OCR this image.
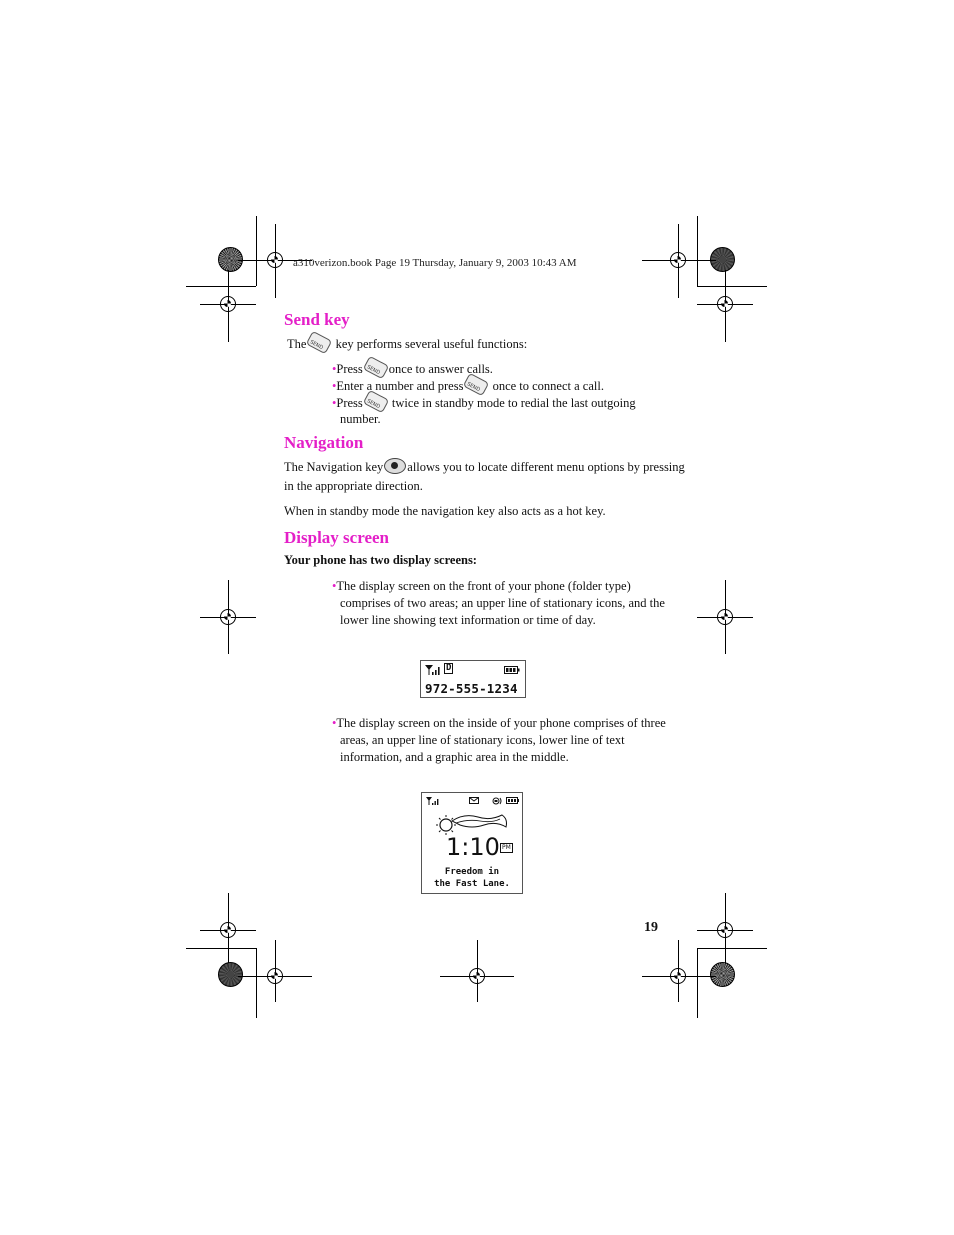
a310verizon.book Page 19 Thursday, January 9, 2003 10:43 AM
Send key
TheSEND key performs several useful functions:
•PressSEND once to answer calls.
•Enter a number and pressSEND once to connect a call.
•PressSEND twice in standby mode to redial the last outgoing
number.
Navigation
The Navigation key allows you to locate different menu options by pressing
in the appropriate direction.
When in standby mode the navigation key also acts as a hot key.
Display screen
Your phone has two display screens:
•The display screen on the front of your phone (folder type)
comprises of two areas; an upper line of stationary icons, and the
lower line showing text information or time of day.
D
972-555-1234
•The display screen on the inside of your phone comprises of three
areas, an upper line of stationary icons, lower line of text
information, and a graphic area in the middle.
1:10 PM
Freedom in
the Fast Lane.
19
